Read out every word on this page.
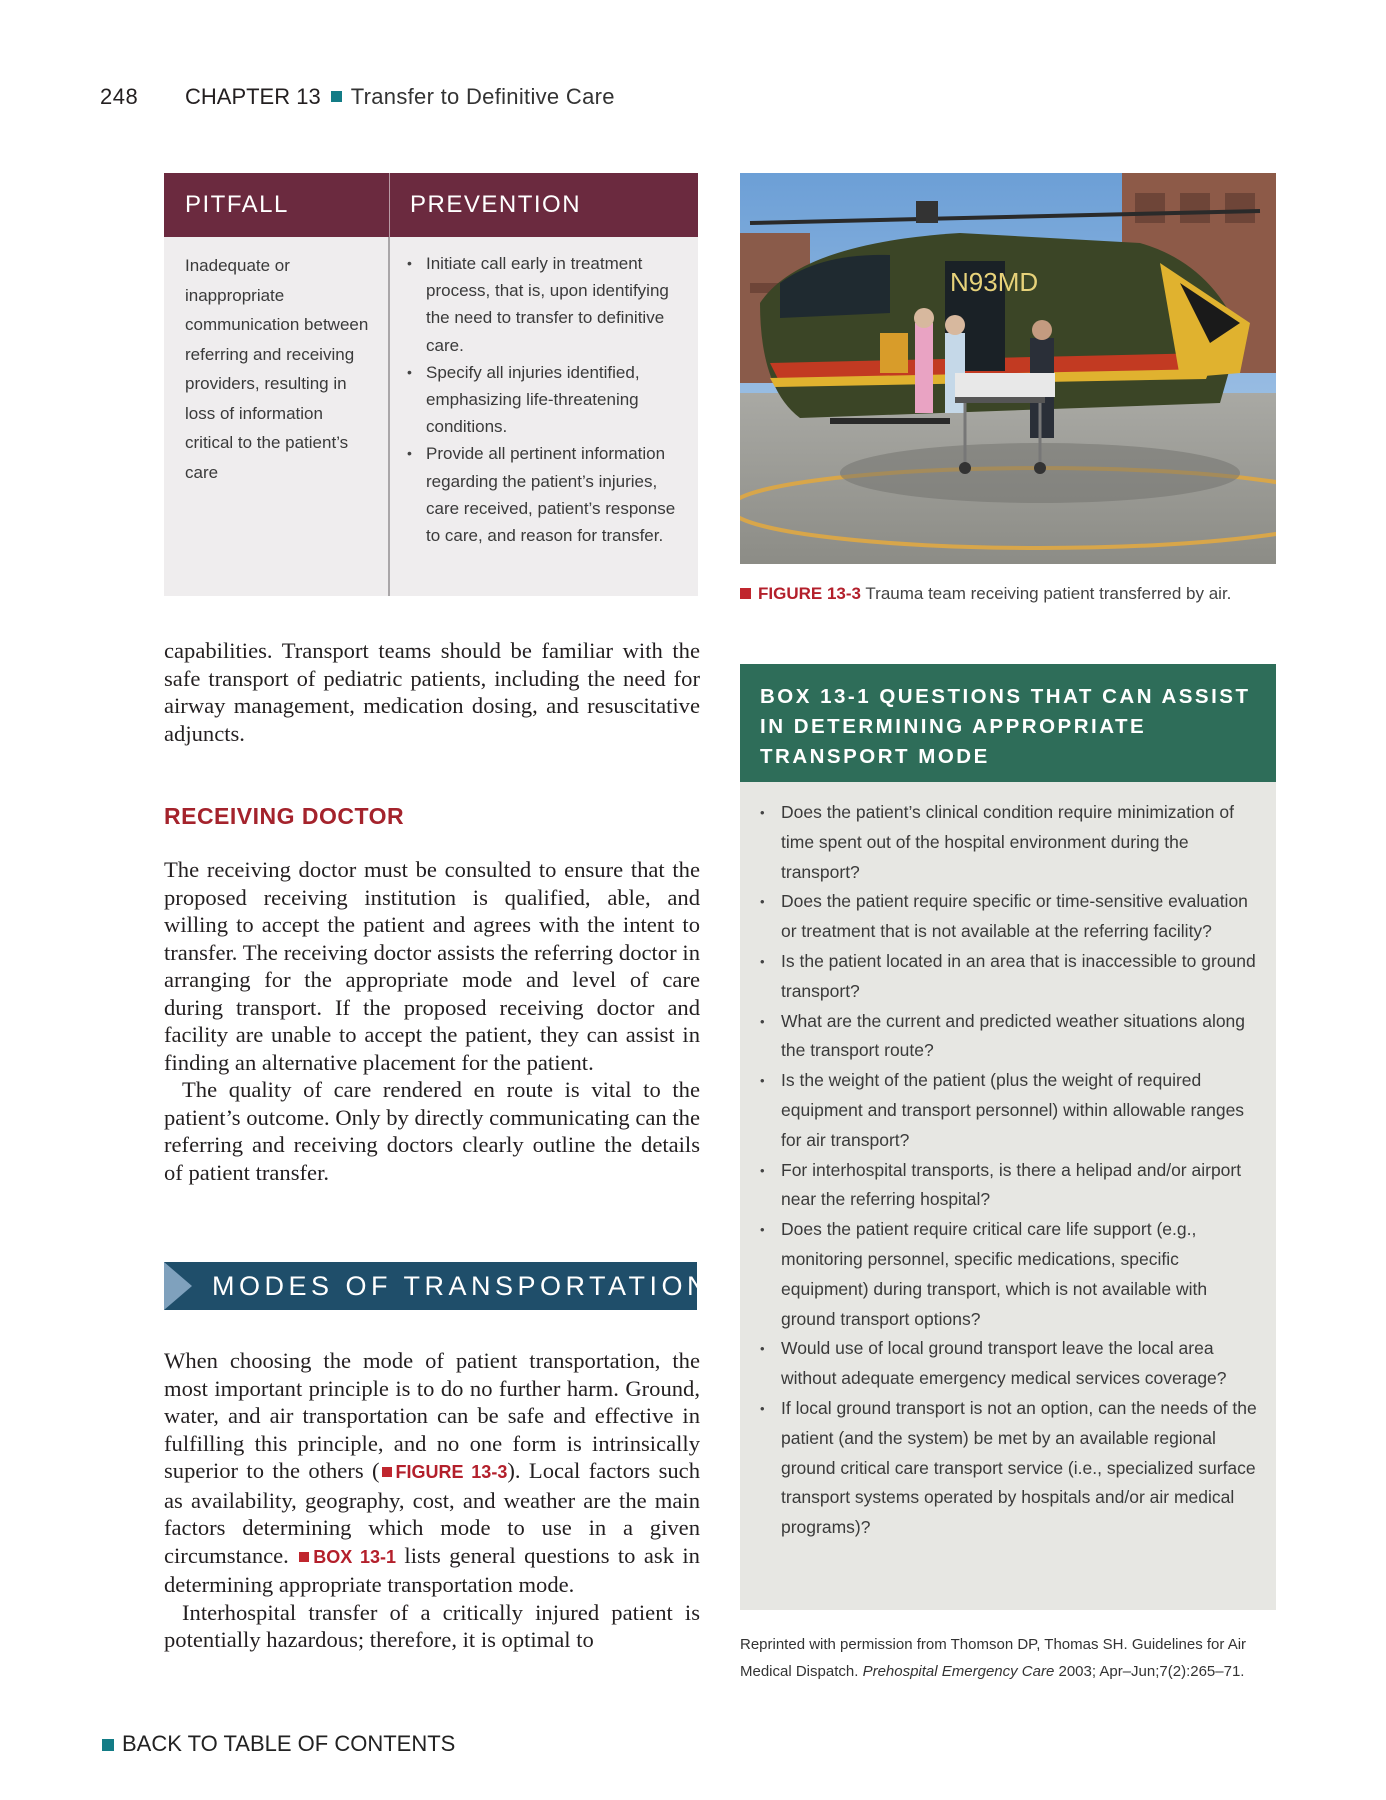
248 CHAPTER 13 Transfer to Definitive Care
PITFALL	PREVENTION
Inadequate or inappropriate communication between referring and receiving providers, resulting in loss of information critical to the patient’s care
• Initiate call early in treatment process, that is, upon identifying the need to transfer to definitive care.
• Specify all injuries identified, emphasizing life-threatening conditions.
• Provide all pertinent information regarding the patient’s injuries, care received, patient’s response to care, and reason for transfer.
N93MD
FIGURE 13-3 Trauma team receiving patient transferred by air.

capabilities. Transport teams should be familiar with the safe transport of pediatric patients, including the need for airway management, medication dosing, and resuscitative adjuncts.

RECEIVING DOCTOR

The receiving doctor must be consulted to ensure that the proposed receiving institution is qualified, able, and willing to accept the patient and agrees with the intent to transfer. The receiving doctor assists the referring doctor in arranging for the appropriate mode and level of care during transport. If the proposed receiving doctor and facility are unable to accept the patient, they can assist in finding an alternative placement for the patient.

The quality of care rendered en route is vital to the patient’s outcome. Only by directly communicating can the referring and receiving doctors clearly outline the details of patient transfer.

MODES OF TRANSPORTATION

When choosing the mode of patient transportation, the most important principle is to do no further harm. Ground, water, and air transportation can be safe and effective in fulfilling this principle, and no one form is intrinsically superior to the others ( FIGURE 13-3). Local factors such as availability, geography, cost, and weather are the main factors determining which mode to use in a given circumstance. BOX 13-1 lists general questions to ask in determining appropriate transportation mode.

Interhospital transfer of a critically injured patient is potentially hazardous; therefore, it is optimal to

BOX 13-1 QUESTIONS THAT CAN ASSIST IN DETERMINING APPROPRIATE TRANSPORT MODE
• Does the patient’s clinical condition require minimization of time spent out of the hospital environment during the transport?
• Does the patient require specific or time-sensitive evaluation or treatment that is not available at the referring facility?
• Is the patient located in an area that is inaccessible to ground transport?
• What are the current and predicted weather situations along the transport route?
• Is the weight of the patient (plus the weight of required equipment and transport personnel) within allowable ranges for air transport?
• For interhospital transports, is there a helipad and/or airport near the referring hospital?
• Does the patient require critical care life support (e.g., monitoring personnel, specific medications, specific equipment) during transport, which is not available with ground transport options?
• Would use of local ground transport leave the local area without adequate emergency medical services coverage?
• If local ground transport is not an option, can the needs of the patient (and the system) be met by an available regional ground critical care transport service (i.e., specialized surface transport systems operated by hospitals and/or air medical programs)?
Reprinted with permission from Thomson DP, Thomas SH. Guidelines for Air Medical Dispatch. Prehospital Emergency Care 2003; Apr–Jun;7(2):265–71.
BACK TO TABLE OF CONTENTS
